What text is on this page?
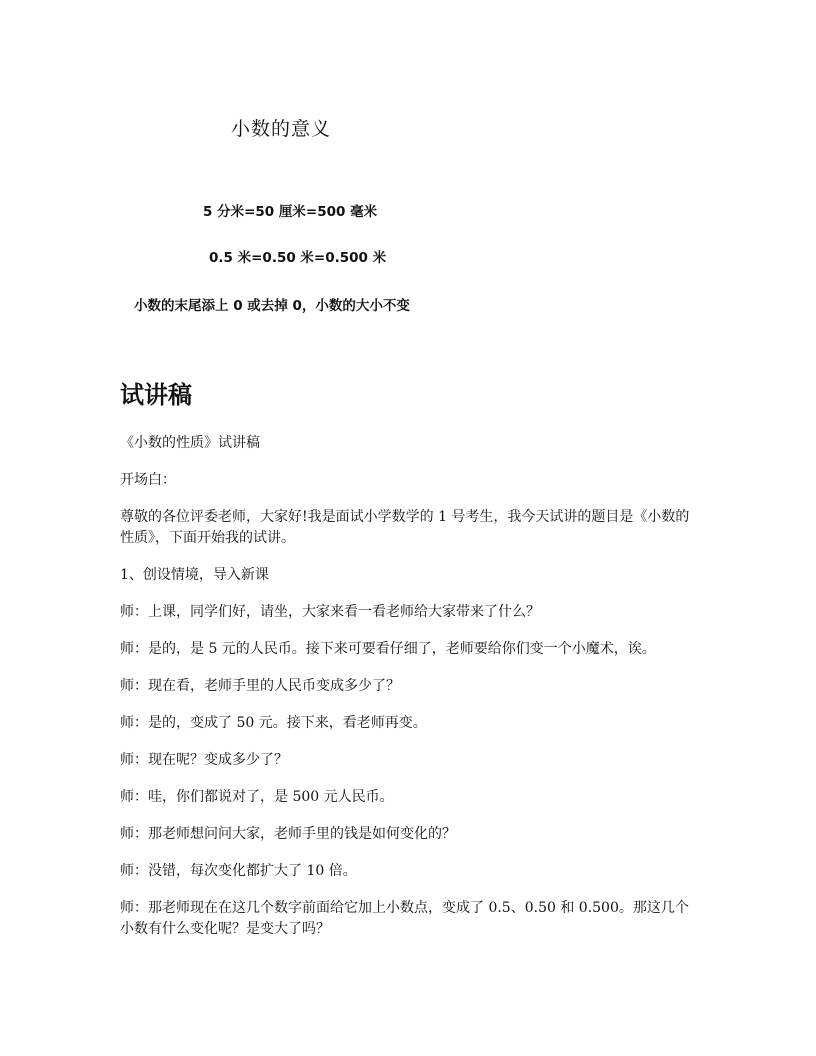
小数的意义
5 分米=50 厘米=500 毫米
0.5 米=0.50 米=0.500 米
小数的末尾添上 0 或去掉 0，小数的大小不变
试讲稿

《小数的性质》试讲稿

开场白：

尊敬的各位评委老师，大家好!我是面试小学数学的 1 号考生，我今天试讲的题目是《小数的性质》，下面开始我的试讲。

1、创设情境，导入新课

师：上课，同学们好，请坐，大家来看一看老师给大家带来了什么？

师：是的，是 5 元的人民币。接下来可要看仔细了，老师要给你们变一个小魔术，诶。

师：现在看，老师手里的人民币变成多少了？

师：是的，变成了 50 元。接下来，看老师再变。

师：现在呢？变成多少了？

师：哇，你们都说对了，是 500 元人民币。

师：那老师想问问大家，老师手里的钱是如何变化的？

师：没错，每次变化都扩大了 10 倍。

师：那老师现在在这几个数字前面给它加上小数点，变成了 0.5、0.50 和 0.500。那这几个小数有什么变化呢？是变大了吗？
